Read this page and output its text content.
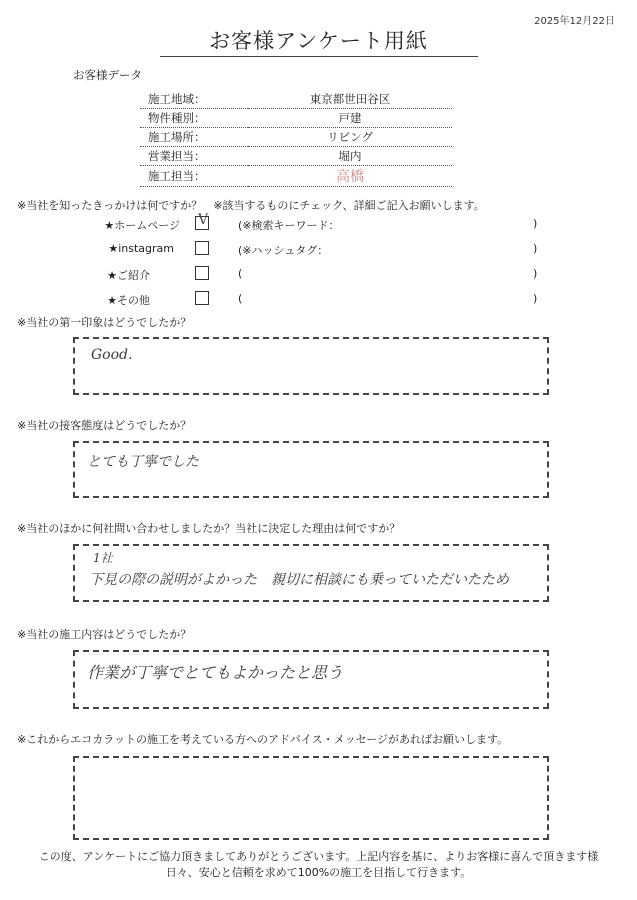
2025年12月22日
お客様アンケート用紙
お客様データ
施工地域：	東京都世田谷区
物件種別：	戸建
施工場所：	リビング
営業担当：	堀内
施工担当：	高橋
※当社を知ったきっかけは何ですか？　※該当するものにチェック、詳細ご記入お願いします。
★ホームページ V	(※検索キーワード：	)
★instagram	(※ハッシュタグ：	)
★ご紹介	(	)
★その他	(	)
※当社の第一印象はどうでしたか？
Good.
※当社の接客態度はどうでしたか？
とても丁寧でした
※当社のほかに何社問い合わせしましたか？当社に決定した理由は何ですか？
1社
下見の際の説明がよかった　親切に相談にも乗っていただいたため
※当社の施工内容はどうでしたか？
作業が丁寧でとてもよかったと思う
※これからエコカラットの施工を考えている方へのアドバイス・メッセージがあればお願いします。
この度、アンケートにご協力頂きましてありがとうございます。上記内容を基に、よりお客様に喜んで頂きます様
日々、安心と信頼を求めて100%の施工を目指して行きます。
